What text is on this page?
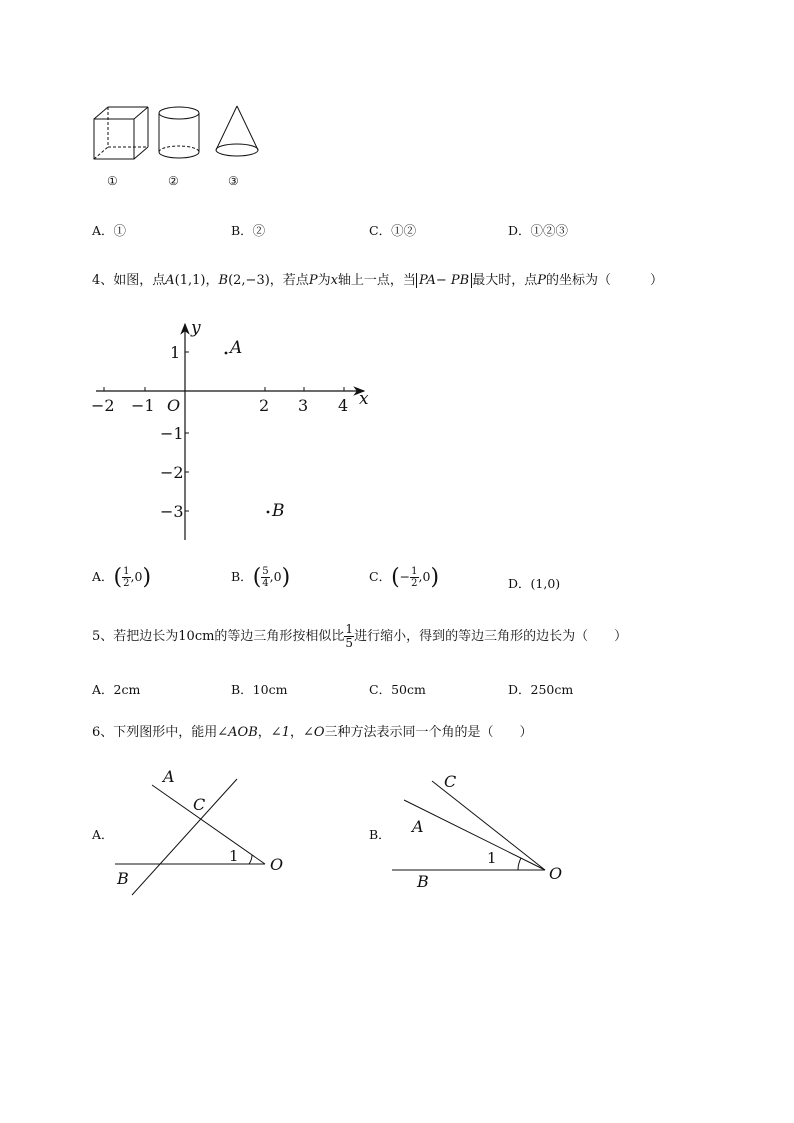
①	②	③
A．①	B．②	C．①②	D．①②③
4、如图，点A(1,1)，B(2,−3)，若点P为x轴上一点，当 PA− PB 最大时，点P的坐标为（　　　）
−2 −1 O	2 3 4 x
y
1
−1
−2
−3
A
B
A．( $\frac{1}{2} ,0$)	B．( $\frac{5}{4} ,0$)	C．(− $\frac{1}{2} ,0$)	D．(1,0)
5、若把边长为10cm的等边三角形按相似比 $\frac{1}{5}$ 进行缩小，得到的等边三角形的边长为（　　）
A．2cm	B．10cm	C．50cm	D．250cm
6、下列图形中，能用∠AOB，∠1，∠O三种方法表示同一个角的是（　　）
A．
A
C
1 O
B
B．
C
A
1
O
B
